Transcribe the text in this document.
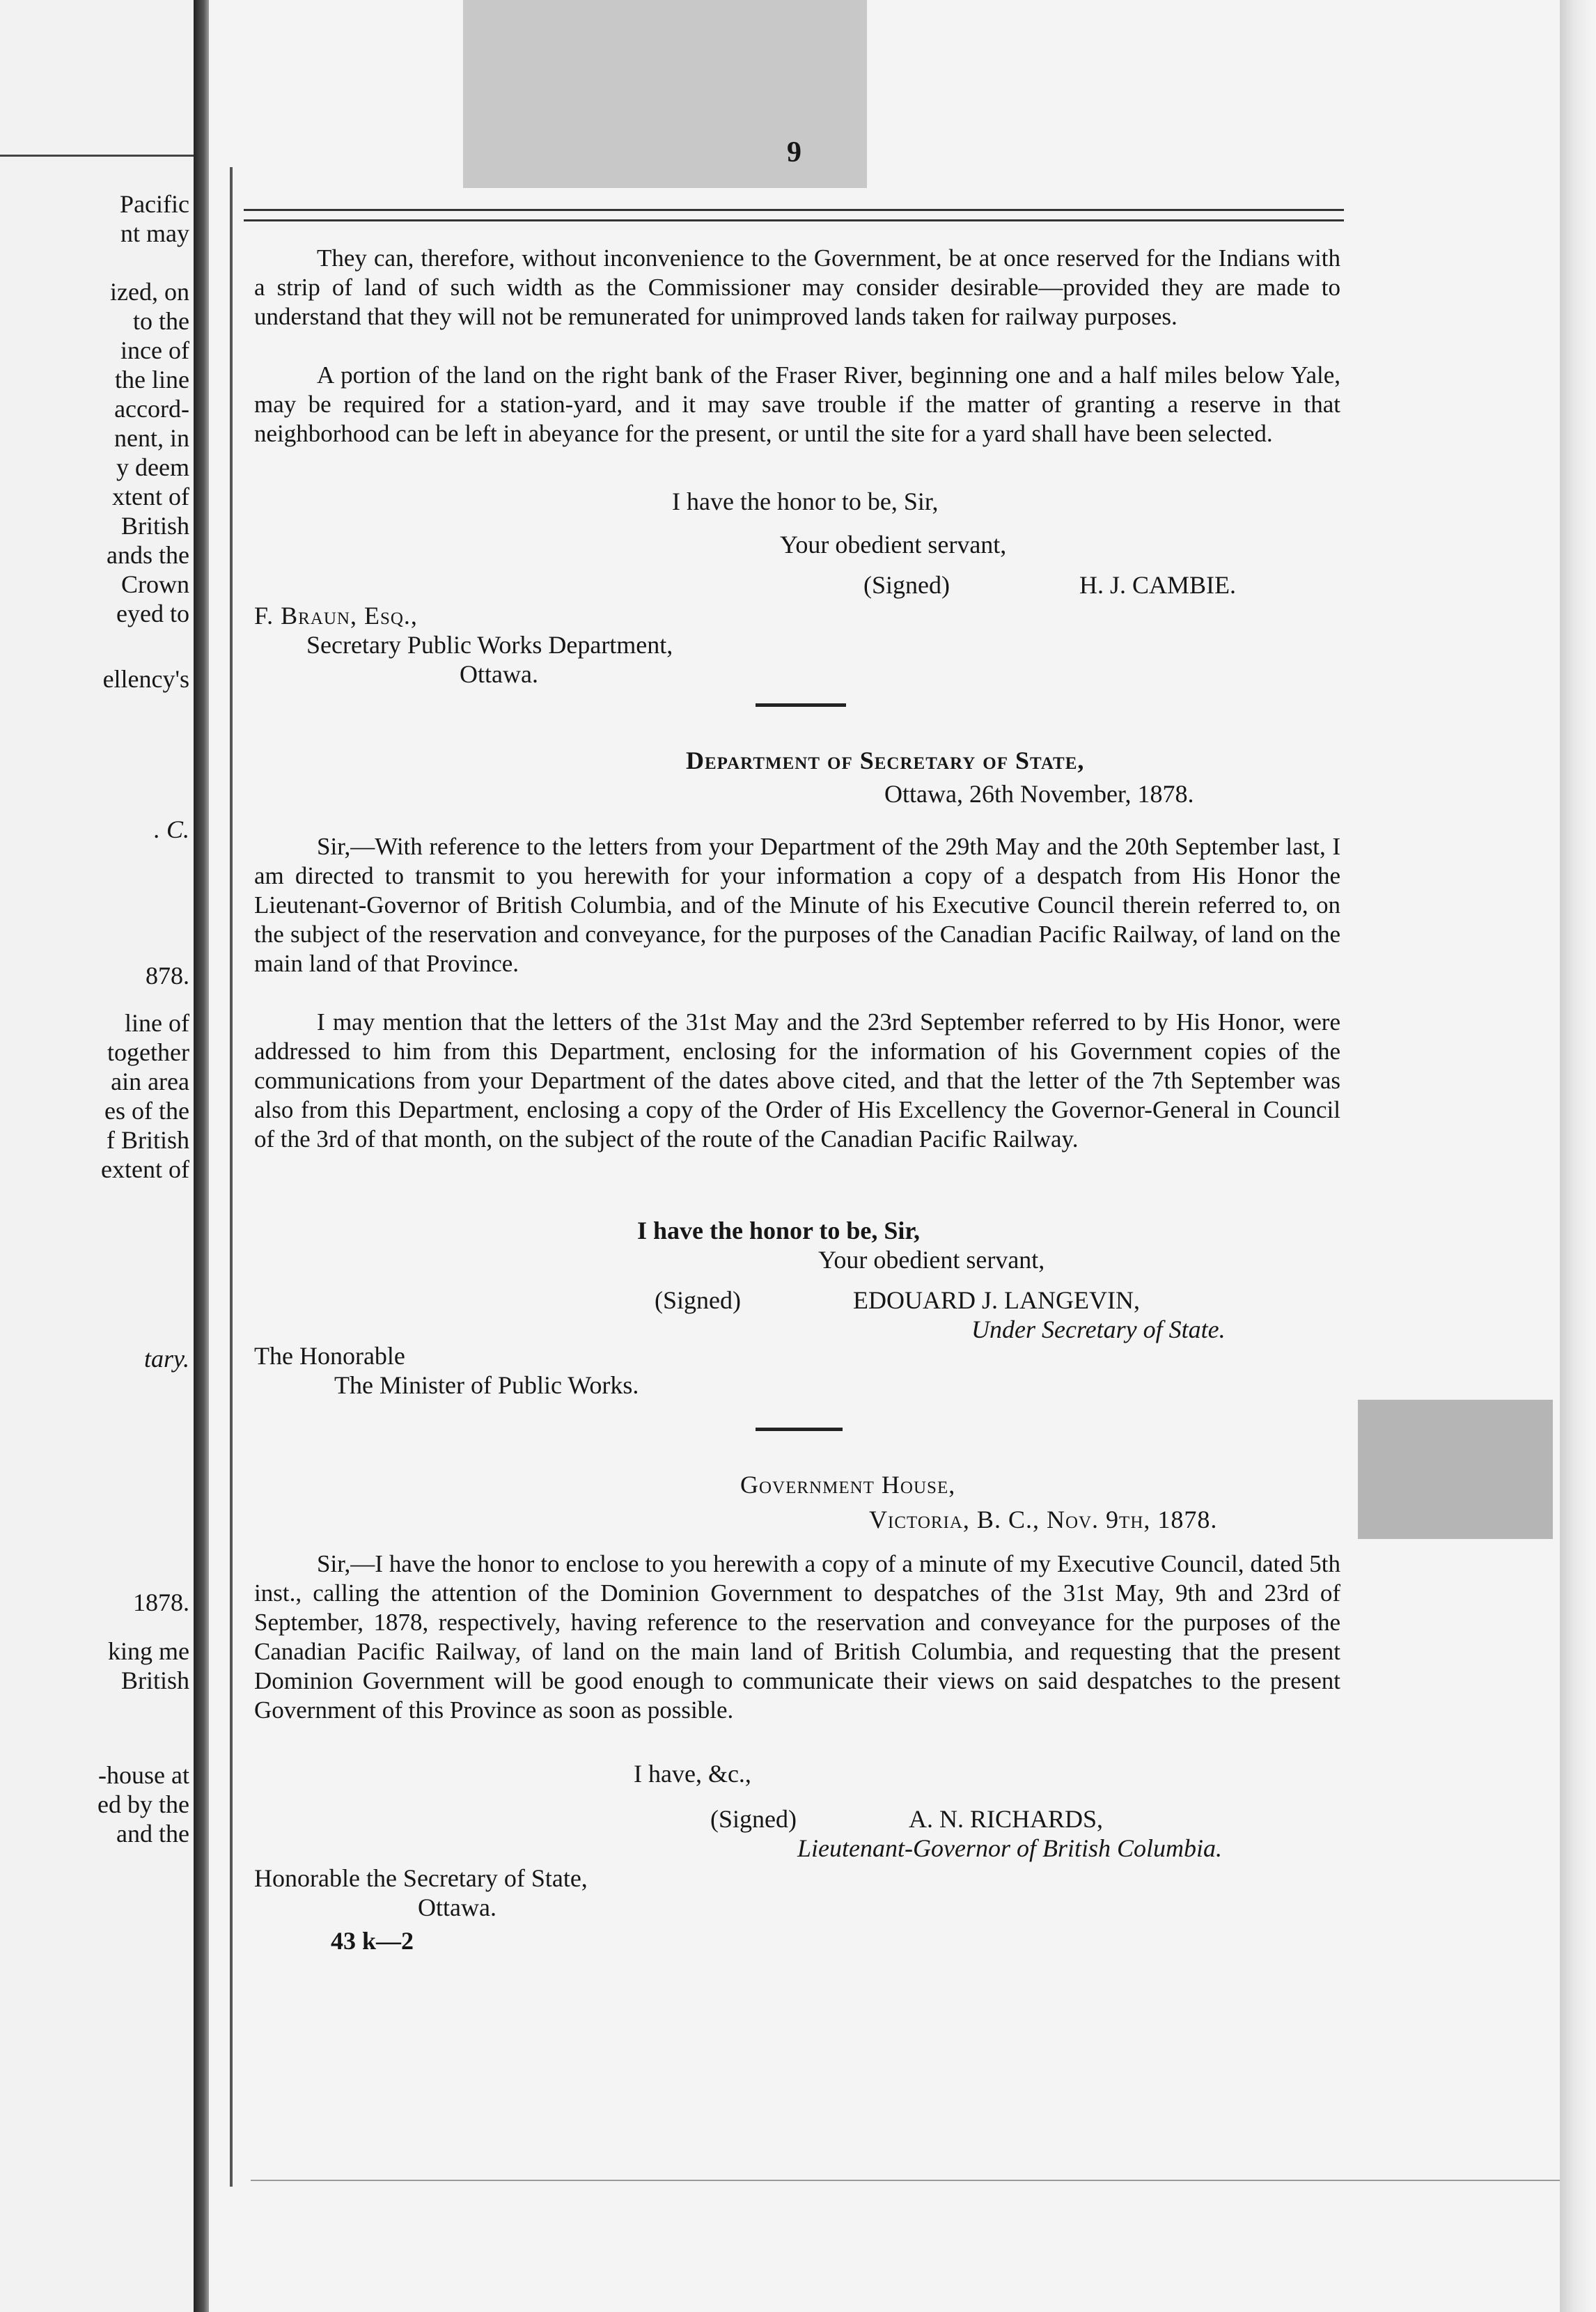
Pacific
nt may
ized, on
to the
ince of
the line
accord-
nent, in
y deem
xtent of
British
ands the
Crown
eyed to
ellency's
. C.
878.
line of
together
ain area
es of the
f British
extent of
tary.
1878.
king me
British
-house at
ed by the
and the
9

They can, therefore, without inconvenience to the Government, be at once reserved for the Indians with a strip of land of such width as the Commissioner may consider desirable—provided they are made to understand that they will not be remunerated for unimproved lands taken for railway purposes.

A portion of the land on the right bank of the Fraser River, beginning one and a half miles below Yale, may be required for a station-yard, and it may save trouble if the matter of granting a reserve in that neighborhood can be left in abeyance for the present, or until the site for a yard shall have been selected.

I have the honor to be, Sir,
Your obedient servant,
(Signed)	H. J. CAMBIE.
F. Braun, Esq.,
Secretary Public Works Department,
Ottawa.
Department of Secretary of State,
Ottawa, 26th November, 1878.

Sir,—With reference to the letters from your Department of the 29th May and the 20th September last, I am directed to transmit to you herewith for your information a copy of a despatch from His Honor the Lieutenant-Governor of British Columbia, and of the Minute of his Executive Council therein referred to, on the subject of the reservation and conveyance, for the purposes of the Canadian Pacific Railway, of land on the main land of that Province.

I may mention that the letters of the 31st May and the 23rd September referred to by His Honor, were addressed to him from this Department, enclosing for the information of his Government copies of the communications from your Department of the dates above cited, and that the letter of the 7th September was also from this Department, enclosing a copy of the Order of His Excellency the Governor-General in Council of the 3rd of that month, on the subject of the route of the Canadian Pacific Railway.

I have the honor to be, Sir,
Your obedient servant,
(Signed)	EDOUARD J. LANGEVIN,
Under Secretary of State.
The Honorable
The Minister of Public Works.
Government House,
Victoria, B. C., Nov. 9th, 1878.

Sir,—I have the honor to enclose to you herewith a copy of a minute of my Executive Council, dated 5th inst., calling the attention of the Dominion Government to despatches of the 31st May, 9th and 23rd of September, 1878, respectively, having reference to the reservation and conveyance for the purposes of the Canadian Pacific Railway, of land on the main land of British Columbia, and requesting that the present Dominion Government will be good enough to communicate their views on said despatches to the present Government of this Province as soon as possible.

I have, &c.,
(Signed)	A. N. RICHARDS,
Lieutenant-Governor of British Columbia.
Honorable the Secretary of State,
Ottawa.
43 k—2
